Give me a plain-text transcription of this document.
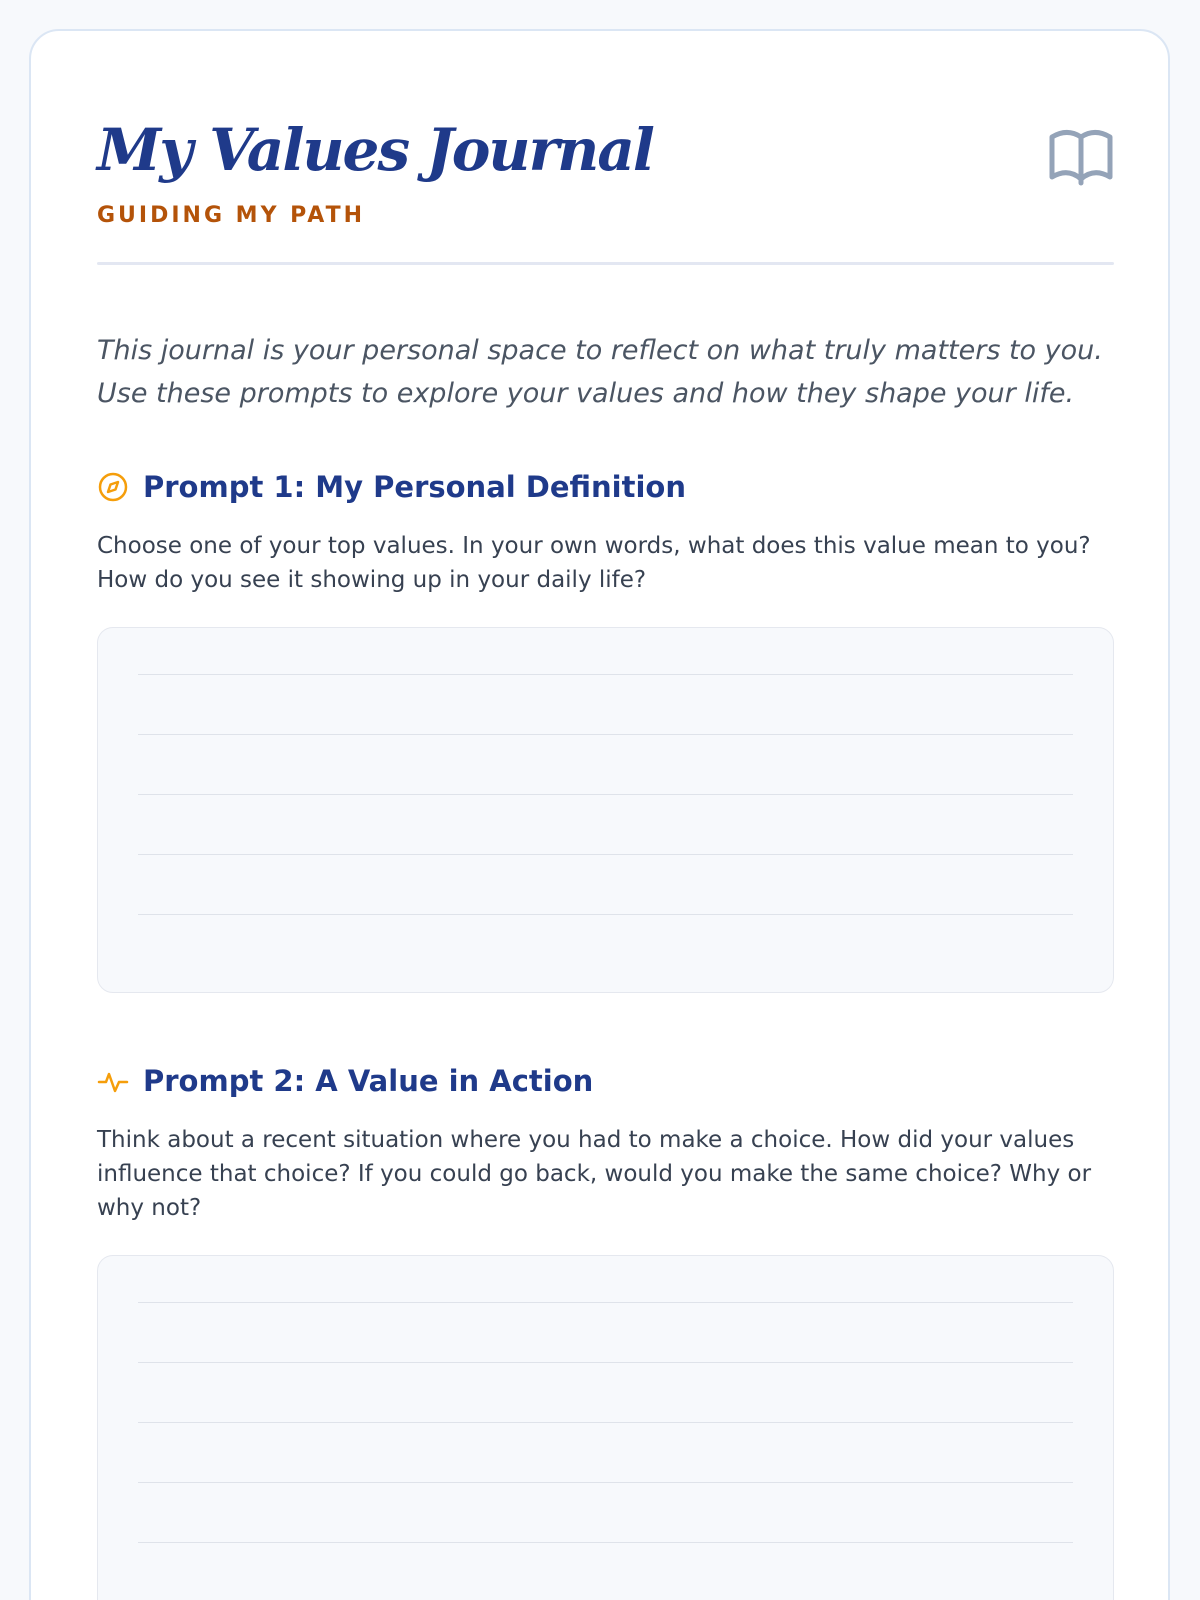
My Values Journal
GUIDING MY PATH

This journal is your personal space to reflect on what truly matters to you. Use these prompts to explore your values and how they shape your life.

Prompt 1: My Personal Definition

Choose one of your top values. In your own words, what does this value mean to you? How do you see it showing up in your daily life?

Prompt 2: A Value in Action

Think about a recent situation where you had to make a choice. How did your values influence that choice? If you could go back, would you make the same choice? Why or why not?
